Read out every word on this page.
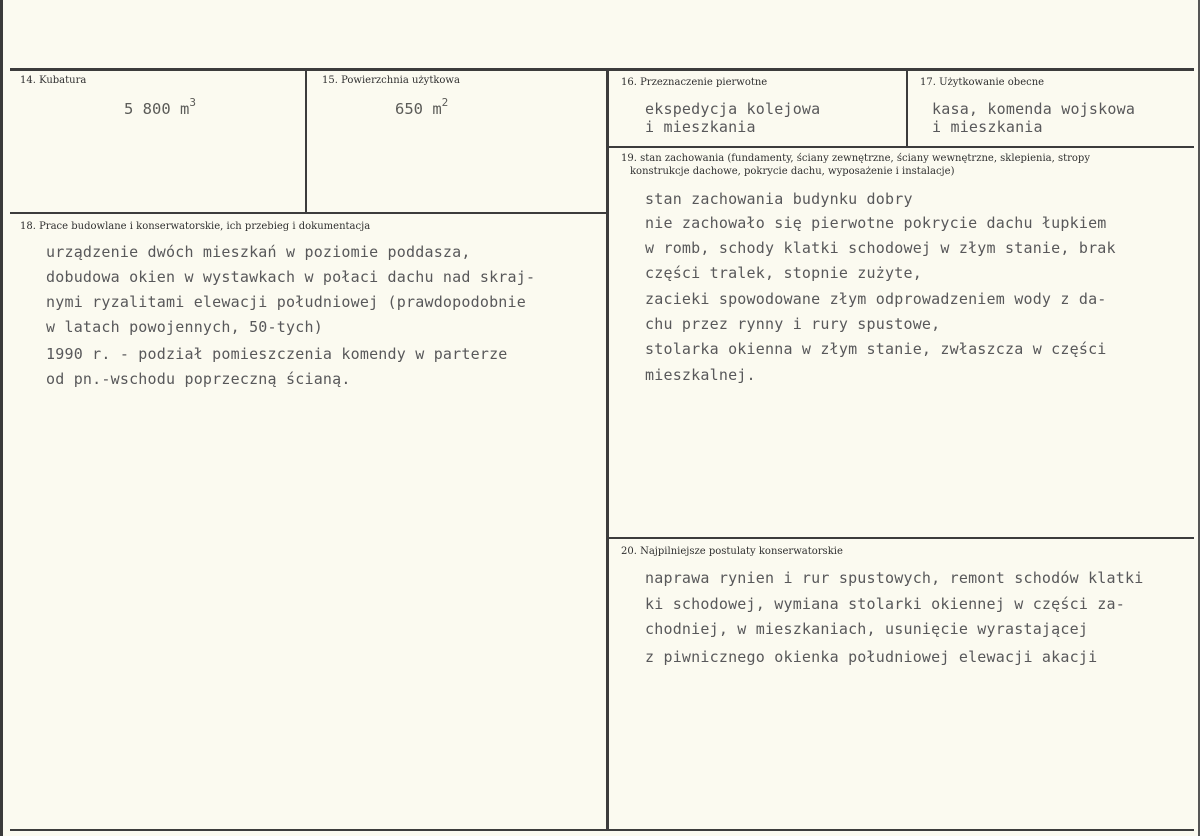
14. Kubatura
5 800 $m^3$
15. Powierzchnia użytkowa
650 $m^2$
16. Przeznaczenie pierwotne
ekspedycja kolejowa
i mieszkania
17. Użytkowanie obecne
kasa, komenda wojskowa
i mieszkania
18. Prace budowlane i konserwatorskie, ich przebieg i dokumentacja
urządzenie dwóch mieszkań w poziomie poddasza,
dobudowa okien w wystawkach w połaci dachu nad skraj-
nymi ryzalitami elewacji południowej (prawdopodobnie
w latach powojennych, 50-tych)
1990 r. - podział pomieszczenia komendy w parterze
od pn.-wschodu poprzeczną ścianą.
19. stan zachowania (fundamenty, ściany zewnętrzne, ściany wewnętrzne, sklepienia, stropy
konstrukcje dachowe, pokrycie dachu, wyposażenie i instalacje)
stan zachowania budynku dobry
nie zachowało się pierwotne pokrycie dachu łupkiem
w romb, schody klatki schodowej w złym stanie, brak
części tralek, stopnie zużyte,
zacieki spowodowane złym odprowadzeniem wody z da-
chu przez rynny i rury spustowe,
stolarka okienna w złym stanie, zwłaszcza w części
mieszkalnej.
20. Najpilniejsze postulaty konserwatorskie
naprawa rynien i rur spustowych, remont schodów klatki
ki schodowej, wymiana stolarki okiennej w części za-
chodniej, w mieszkaniach, usunięcie wyrastającej
z piwnicznego okienka południowej elewacji akacji
